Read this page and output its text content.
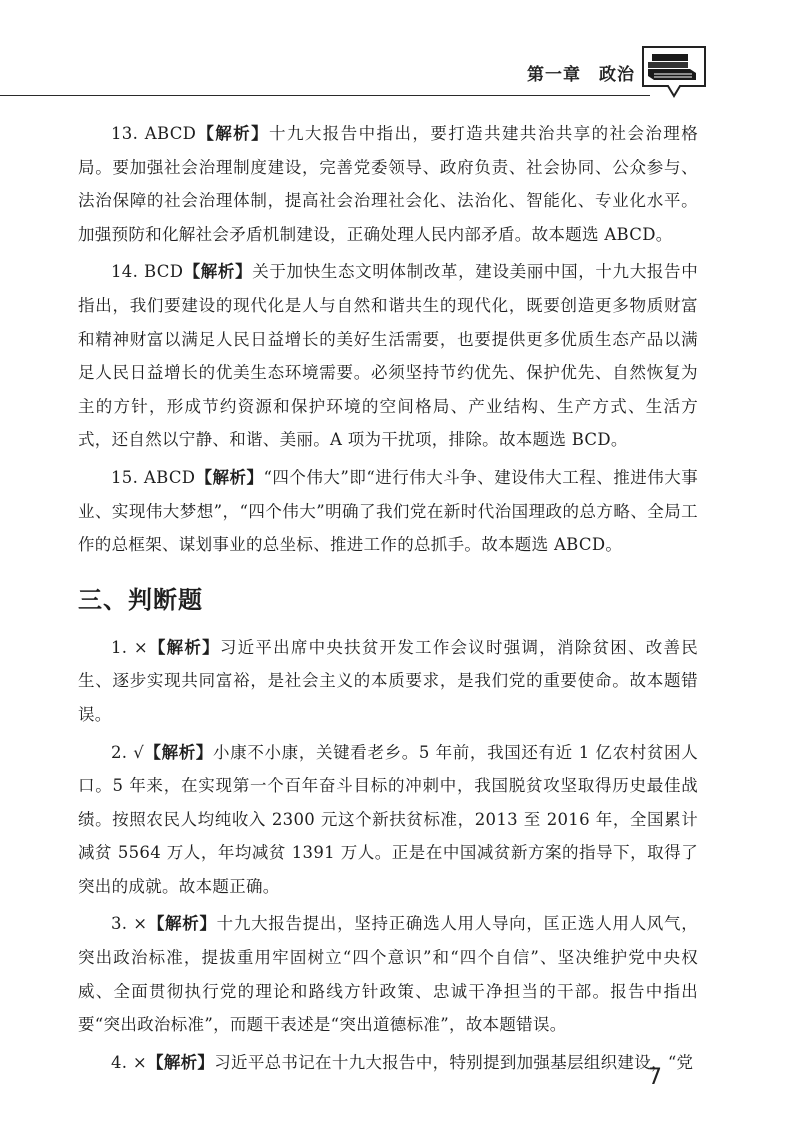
第一章　政治

13. ABCD【解析】十九大报告中指出，要打造共建共治共享的社会治理格局。要加强社会治理制度建设，完善党委领导、政府负责、社会协同、公众参与、法治保障的社会治理体制，提高社会治理社会化、法治化、智能化、专业化水平。加强预防和化解社会矛盾机制建设，正确处理人民内部矛盾。故本题选 ABCD。

14. BCD【解析】关于加快生态文明体制改革，建设美丽中国，十九大报告中指出，我们要建设的现代化是人与自然和谐共生的现代化，既要创造更多物质财富和精神财富以满足人民日益增长的美好生活需要，也要提供更多优质生态产品以满足人民日益增长的优美生态环境需要。必须坚持节约优先、保护优先、自然恢复为主的方针，形成节约资源和保护环境的空间格局、产业结构、生产方式、生活方式，还自然以宁静、和谐、美丽。A 项为干扰项，排除。故本题选 BCD。

15. ABCD【解析】“四个伟大”即“进行伟大斗争、建设伟大工程、推进伟大事业、实现伟大梦想”，“四个伟大”明确了我们党在新时代治国理政的总方略、全局工作的总框架、谋划事业的总坐标、推进工作的总抓手。故本题选 ABCD。

三、判断题

1. ×【解析】习近平出席中央扶贫开发工作会议时强调，消除贫困、改善民生、逐步实现共同富裕，是社会主义的本质要求，是我们党的重要使命。故本题错误。

2. √【解析】小康不小康，关键看老乡。5 年前，我国还有近 1 亿农村贫困人口。5 年来，在实现第一个百年奋斗目标的冲刺中，我国脱贫攻坚取得历史最佳战绩。按照农民人均纯收入 2300 元这个新扶贫标准，2013 至 2016 年，全国累计减贫 5564 万人，年均减贫 1391 万人。正是在中国减贫新方案的指导下，取得了突出的成就。故本题正确。

3. ×【解析】十九大报告提出，坚持正确选人用人导向，匡正选人用人风气，突出政治标准，提拔重用牢固树立“四个意识”和“四个自信”、坚决维护党中央权威、全面贯彻执行党的理论和路线方针政策、忠诚干净担当的干部。报告中指出要“突出政治标准”，而题干表述是“突出道德标准”，故本题错误。

4. ×【解析】习近平总书记在十九大报告中，特别提到加强基层组织建设，“党

7
